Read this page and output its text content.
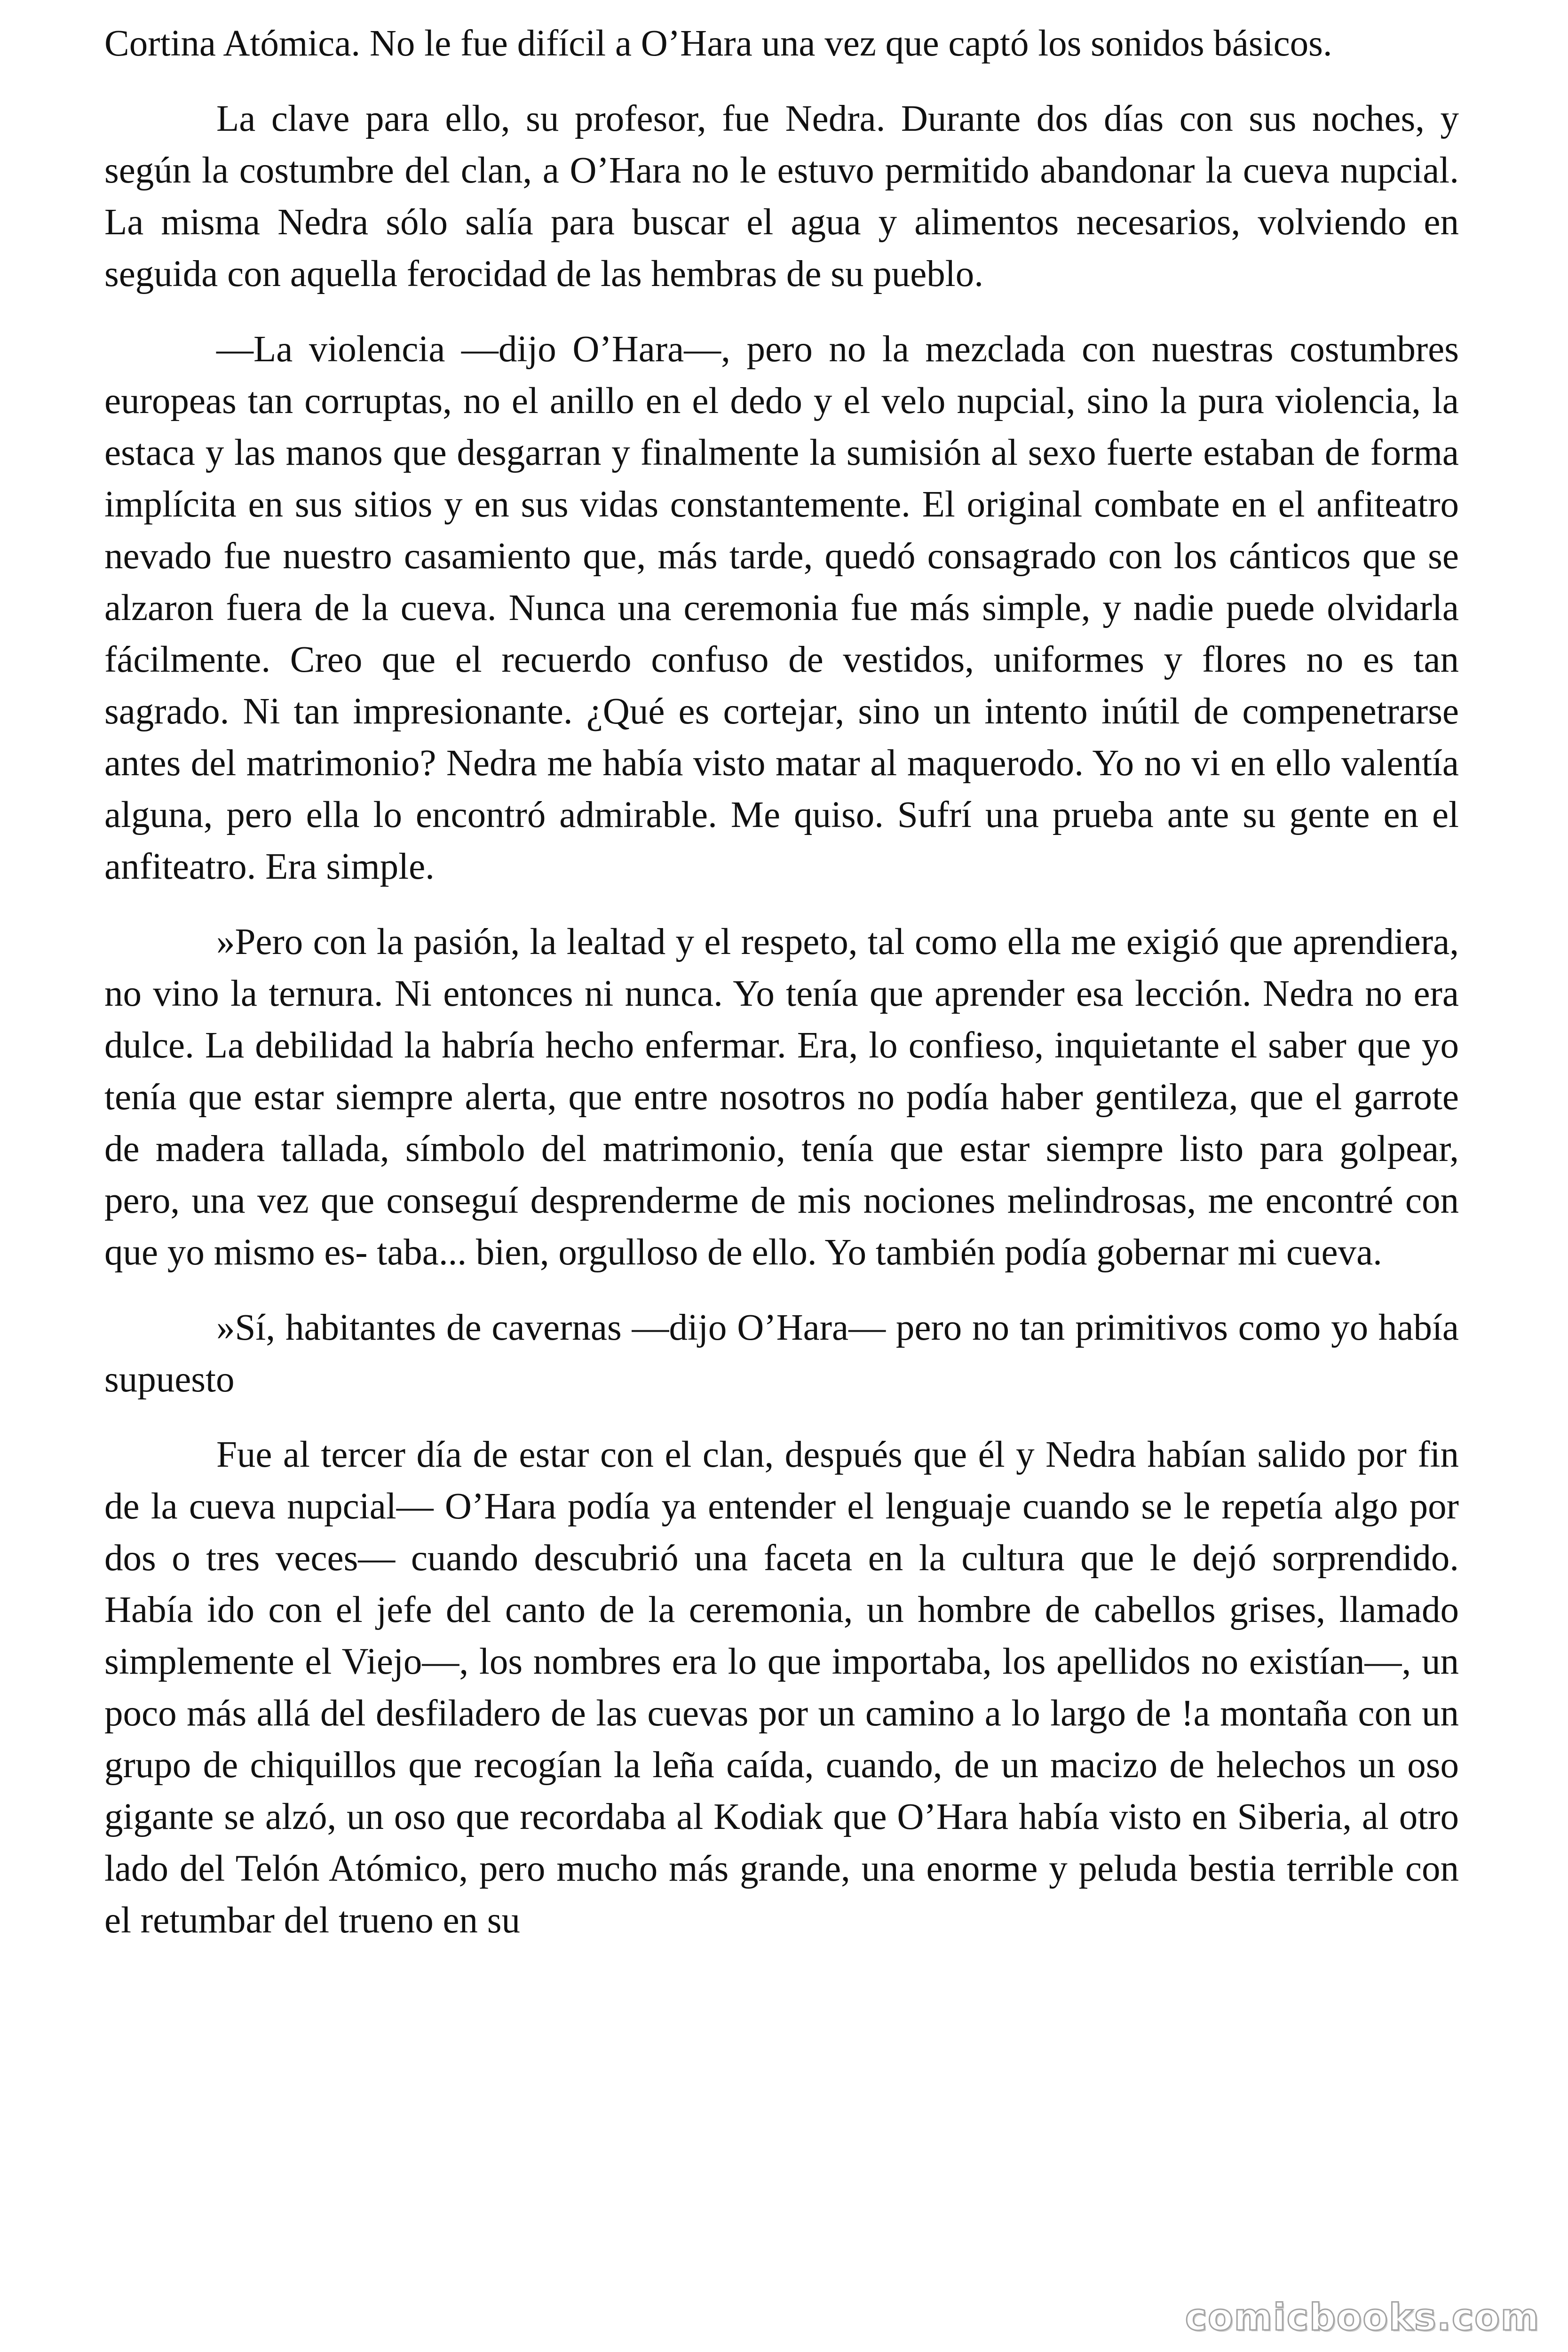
Cortina Atómica. No le fue difícil a O’Hara una vez que captó los sonidos básicos.

La clave para ello, su profesor, fue Nedra. Durante dos días con sus noches, y según la costumbre del clan, a O’Hara no le estuvo permitido abandonar la cueva nupcial. La misma Nedra sólo salía para buscar el agua y alimentos necesarios, volviendo en seguida con aquella ferocidad de las hembras de su pueblo.

—La violencia —dijo O’Hara—, pero no la mezclada con nuestras costumbres europeas tan corruptas, no el anillo en el dedo y el velo nupcial, sino la pura violencia, la estaca y las manos que desgarran y finalmente la sumisión al sexo fuerte estaban de forma implícita en sus sitios y en sus vidas constantemente. El original combate en el anfiteatro nevado fue nuestro casamiento que, más tarde, quedó consagrado con los cánticos que se alzaron fuera de la cueva. Nunca una ceremonia fue más simple, y nadie puede olvidarla fácilmente. Creo que el recuerdo confuso de vestidos, uniformes y flores no es tan sagrado. Ni tan impresionante. ¿Qué es cortejar, sino un intento inútil de compenetrarse antes del matrimonio? Nedra me había visto matar al maquerodo. Yo no vi en ello valentía alguna, pero ella lo encontró admirable. Me quiso. Sufrí una prueba ante su gente en el anfiteatro. Era simple.

»Pero con la pasión, la lealtad y el respeto, tal como ella me exigió que aprendiera, no vino la ternura. Ni entonces ni nunca. Yo tenía que aprender esa lección. Nedra no era dulce. La debilidad la habría hecho enfermar. Era, lo confieso, inquietante el saber que yo tenía que estar siempre alerta, que entre nosotros no podía haber gentileza, que el garrote de madera tallada, símbolo del matrimonio, tenía que estar siempre listo para golpear, pero, una vez que conseguí desprenderme de mis nociones melindrosas, me encontré con que yo mismo es- taba... bien, orgulloso de ello. Yo también podía gobernar mi cueva.

»Sí, habitantes de cavernas —dijo O’Hara— pero no tan primitivos como yo había supuesto

Fue al tercer día de estar con el clan, después que él y Nedra habían salido por fin de la cueva nupcial— O’Hara podía ya entender el lenguaje cuando se le repetía algo por dos o tres veces— cuando descubrió una faceta en la cultura que le dejó sorprendido. Había ido con el jefe del canto de la ceremonia, un hombre de cabellos grises, llamado simplemente el Viejo—, los nombres era lo que importaba, los apellidos no existían—, un poco más allá del desfiladero de las cuevas por un camino a lo largo de !a montaña con un grupo de chiquillos que recogían la leña caída, cuando, de un macizo de helechos un oso gigante se alzó, un oso que recordaba al Kodiak que O’Hara había visto en Siberia, al otro lado del Telón Atómico, pero mucho más grande, una enorme y peluda bestia terrible con el retumbar del trueno en su

comicbooks.com
